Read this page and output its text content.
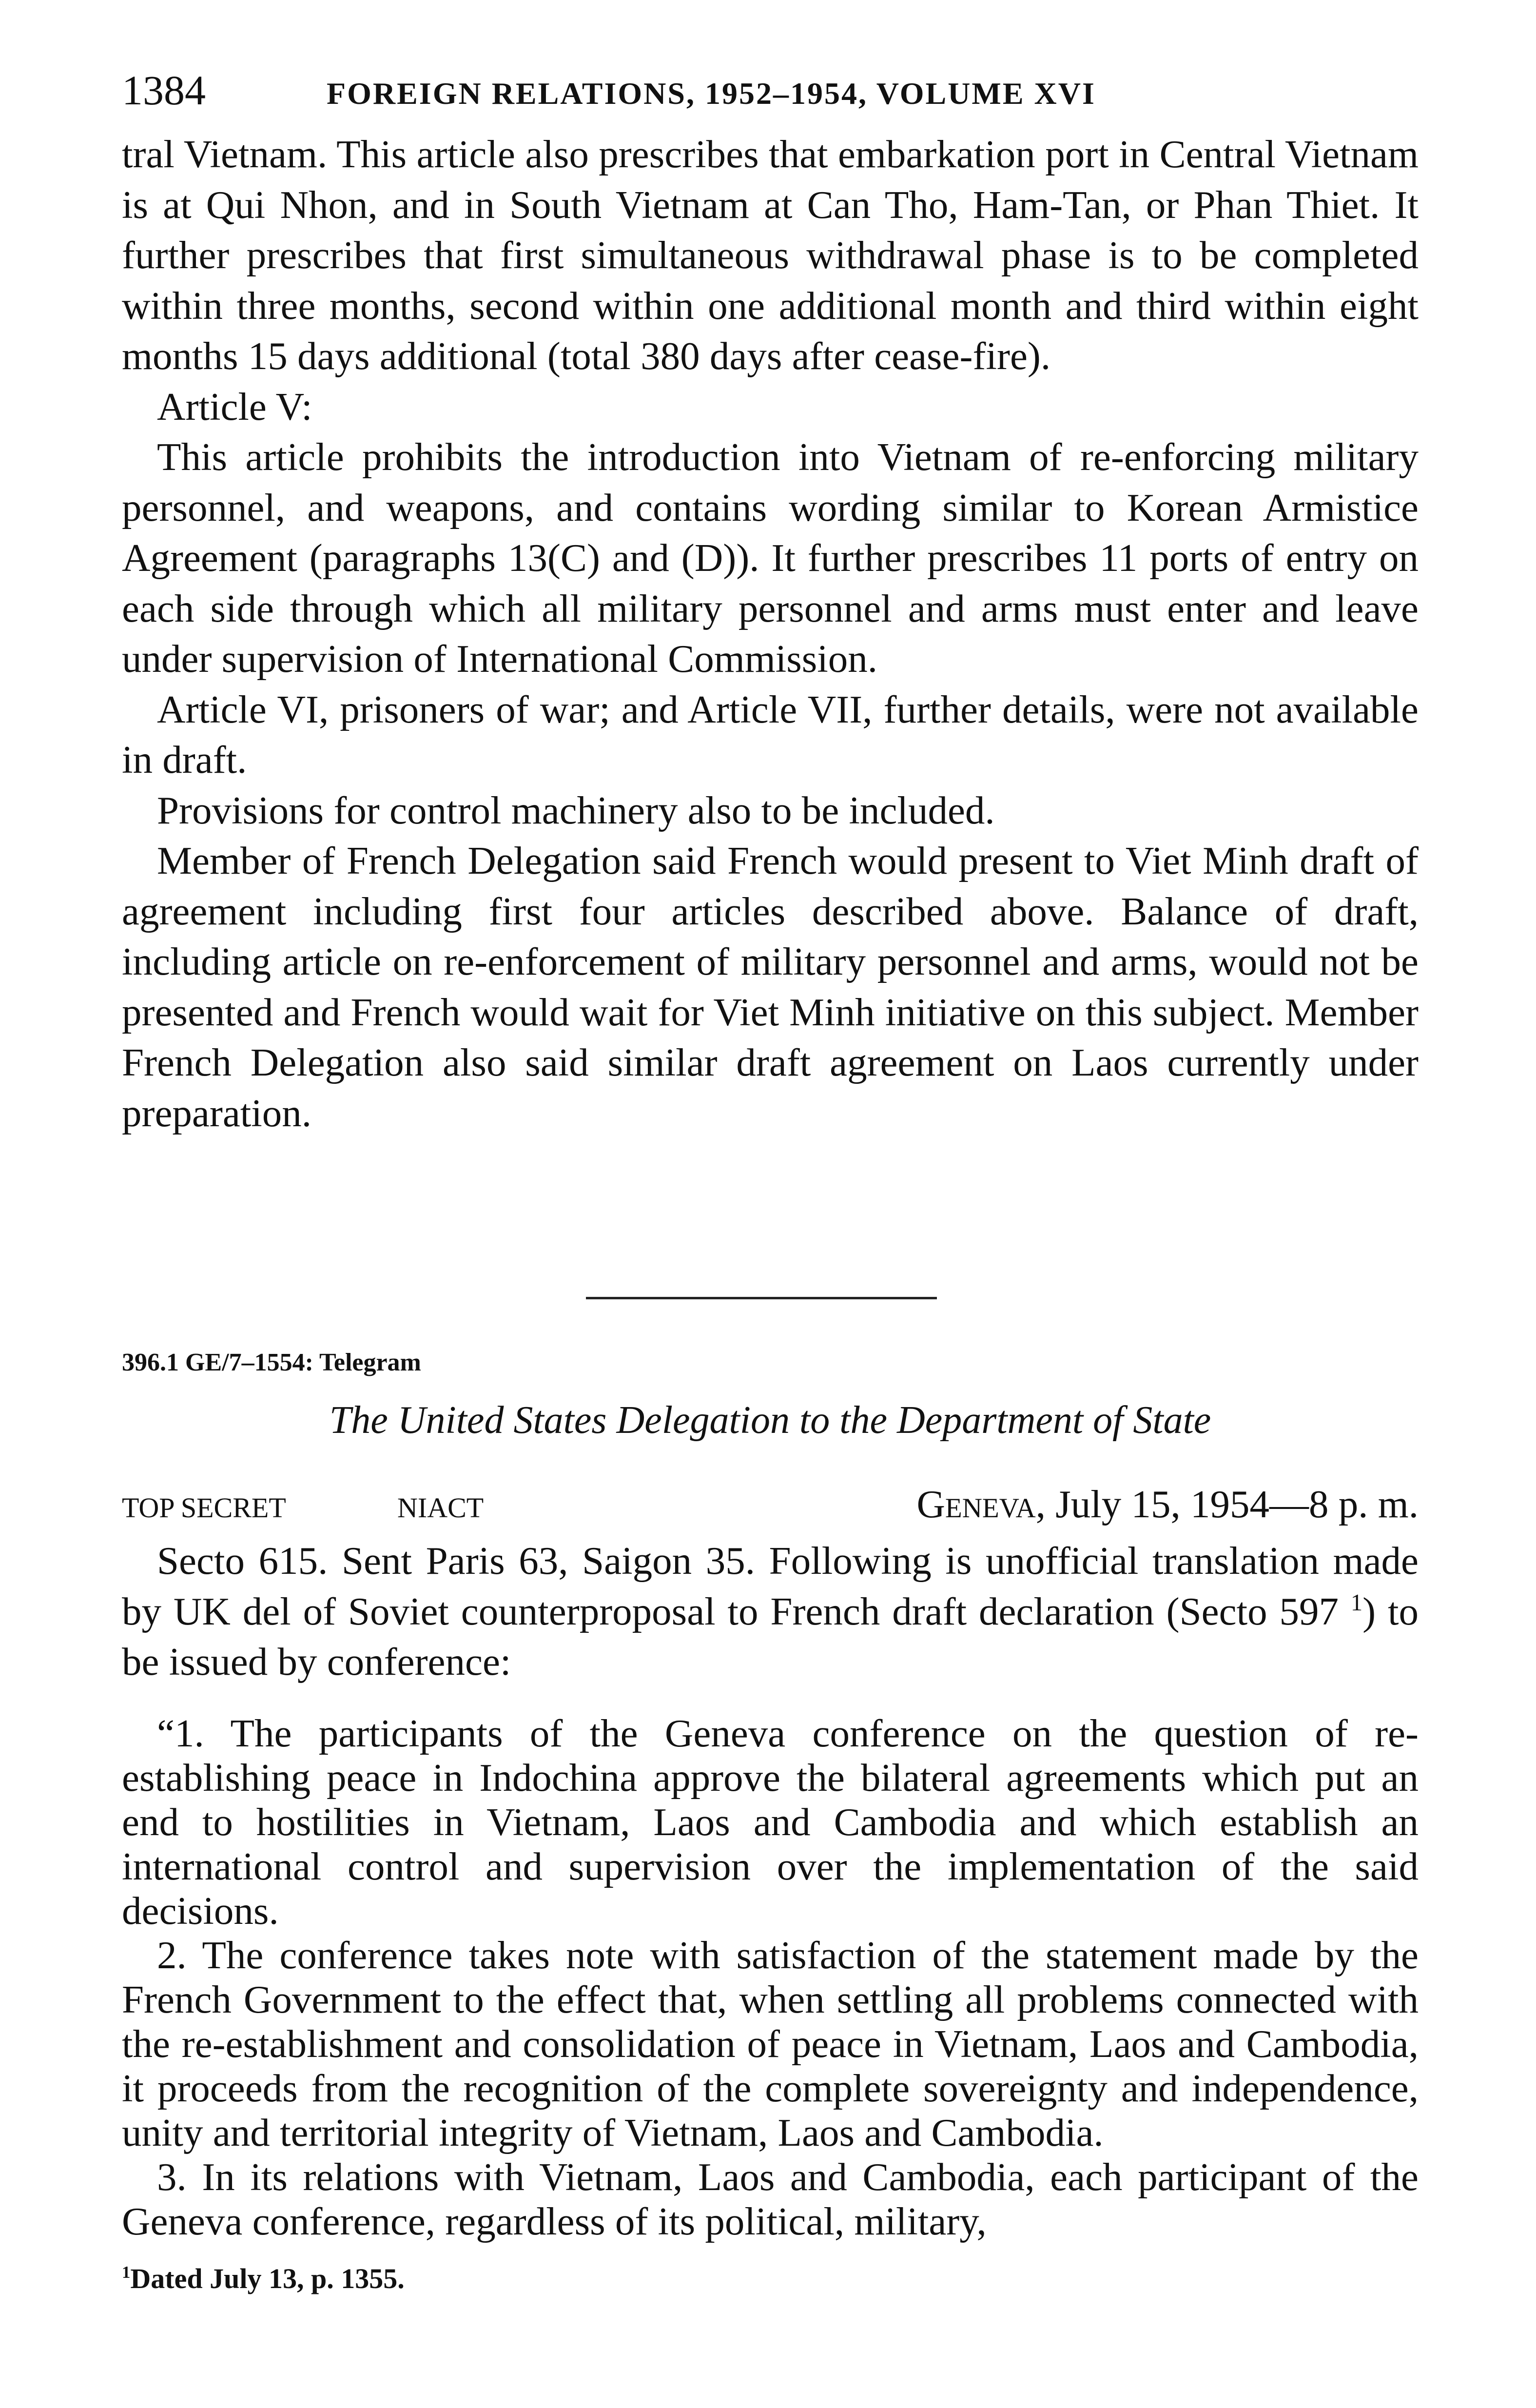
1384	FOREIGN RELATIONS, 1952–1954, VOLUME XVI

tral Vietnam. This article also prescribes that embarkation port in Central Vietnam is at Qui Nhon, and in South Vietnam at Can Tho, Ham-Tan, or Phan Thiet. It further prescribes that first simultaneous withdrawal phase is to be completed within three months, second within one additional month and third within eight months 15 days additional (total 380 days after cease-fire).

Article V:

This article prohibits the introduction into Vietnam of re-enforcing military personnel, and weapons, and contains wording similar to Korean Armistice Agreement (paragraphs 13(C) and (D)). It further prescribes 11 ports of entry on each side through which all military personnel and arms must enter and leave under supervision of International Commission.

Article VI, prisoners of war; and Article VII, further details, were not available in draft.

Provisions for control machinery also to be included.

Member of French Delegation said French would present to Viet Minh draft of agreement including first four articles described above. Balance of draft, including article on re-enforcement of military personnel and arms, would not be presented and French would wait for Viet Minh initiative on this subject. Member French Delegation also said similar draft agreement on Laos currently under preparation.

396.1 GE/7–1554: Telegram
The United States Delegation to the Department of State
TOP SECRET	NIACT	Geneva, July 15, 1954—8 p. m.

Secto 615. Sent Paris 63, Saigon 35. Following is unofficial translation made by UK del of Soviet counterproposal to French draft declaration (Secto 597 $^1$) to be issued by conference:

“1. The participants of the Geneva conference on the question of re-establishing peace in Indochina approve the bilateral agreements which put an end to hostilities in Vietnam, Laos and Cambodia and which establish an international control and supervision over the implementation of the said decisions.

2. The conference takes note with satisfaction of the statement made by the French Government to the effect that, when settling all problems connected with the re-establishment and consolidation of peace in Vietnam, Laos and Cambodia, it proceeds from the recognition of the complete sovereignty and independence, unity and territorial integrity of Vietnam, Laos and Cambodia.

3. In its relations with Vietnam, Laos and Cambodia, each participant of the Geneva conference, regardless of its political, military,

$^1$Dated July 13, p. 1355.
